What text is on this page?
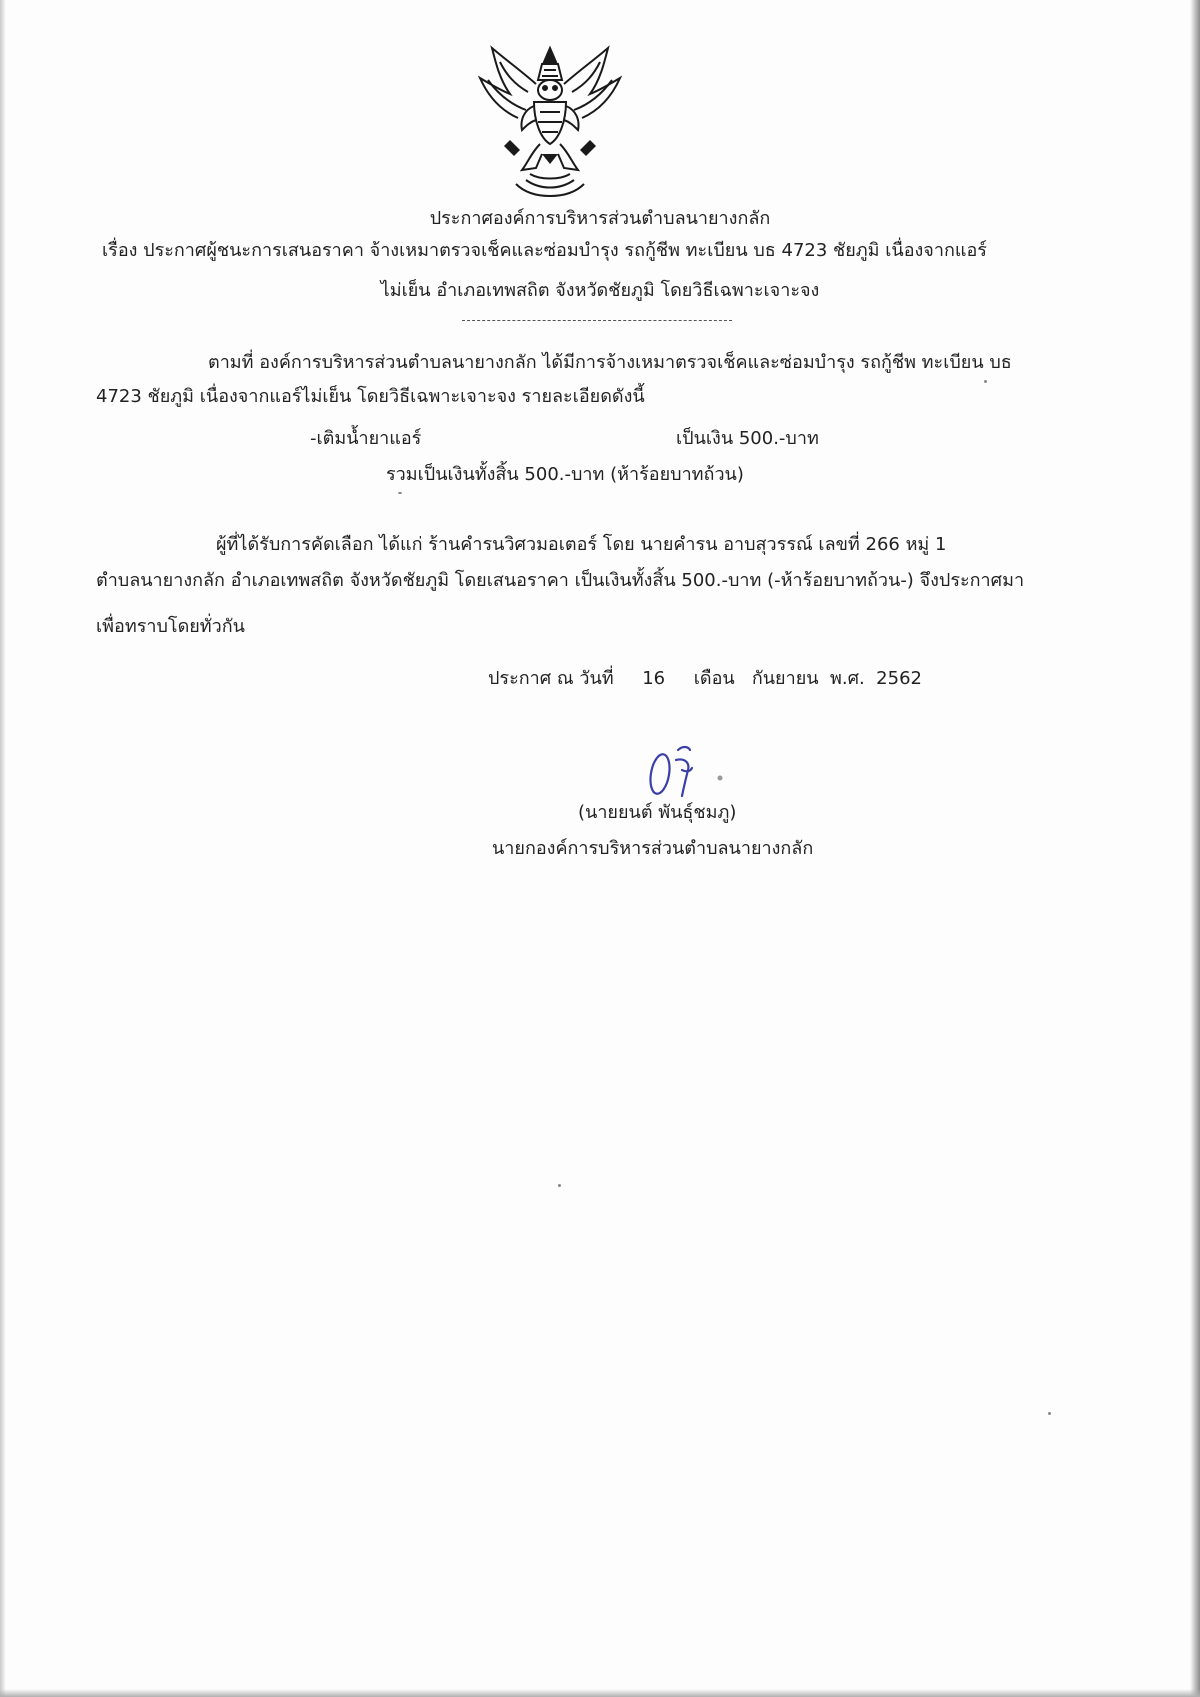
ประกาศองค์การบริหารส่วนตำบลนายางกลัก
เรื่อง ประกาศผู้ชนะการเสนอราคา จ้างเหมาตรวจเช็คและซ่อมบำรุง รถกู้ชีพ ทะเบียน บธ 4723 ชัยภูมิ เนื่องจากแอร์
ไม่เย็น อำเภอเทพสถิต จังหวัดชัยภูมิ โดยวิธีเฉพาะเจาะจง
ตามที่ องค์การบริหารส่วนตำบลนายางกลัก ได้มีการจ้างเหมาตรวจเช็คและซ่อมบำรุง รถกู้ชีพ ทะเบียน บธ
4723 ชัยภูมิ เนื่องจากแอร์ไม่เย็น โดยวิธีเฉพาะเจาะจง รายละเอียดดังนี้
-เติมน้ำยาแอร์	เป็นเงิน 500.-บาท
รวมเป็นเงินทั้งสิ้น 500.-บาท (ห้าร้อยบาทถ้วน)
ผู้ที่ได้รับการคัดเลือก ได้แก่ ร้านคำรนวิศวมอเตอร์ โดย นายคำรน อาบสุวรรณ์ เลขที่ 266 หมู่ 1
ตำบลนายางกลัก อำเภอเทพสถิต จังหวัดชัยภูมิ โดยเสนอราคา เป็นเงินทั้งสิ้น 500.-บาท (-ห้าร้อยบาทถ้วน-) จึงประกาศมา
เพื่อทราบโดยทั่วกัน
ประกาศ ณ วันที่     16     เดือน   กันยายน  พ.ศ.  2562
(นายยนต์ พันธุ์ชมภู)
นายกองค์การบริหารส่วนตำบลนายางกลัก
